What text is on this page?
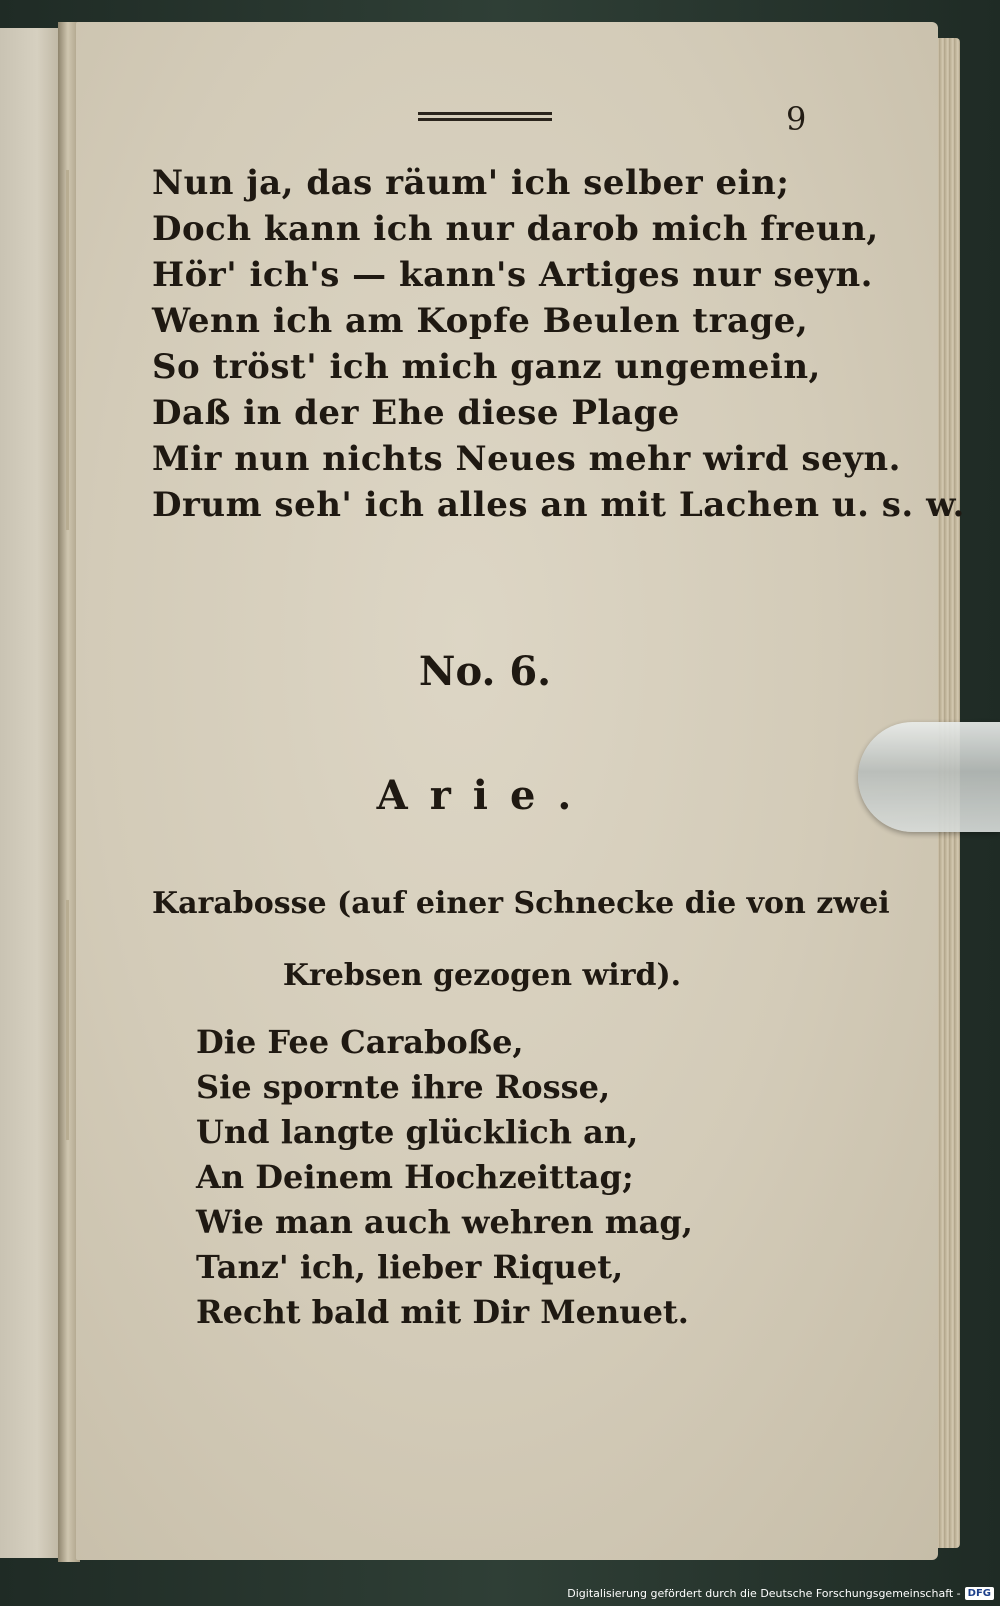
9
Nun ja, das räum' ich selber ein;
Doch kann ich nur darob mich freun,
Hör' ich's — kann's Artiges nur seyn.
Wenn ich am Kopfe Beulen trage,
So tröst' ich mich ganz ungemein,
Daß in der Ehe diese Plage
Mir nun nichts Neues mehr wird seyn.
Drum seh' ich alles an mit Lachen u. s. w.
No. 6.
Arie.
Karabosse (auf einer Schnecke die von zwei
Krebsen gezogen wird).
Die Fee Caraboße,
Sie spornte ihre Rosse,
Und langte glücklich an,
An Deinem Hochzeittag;
Wie man auch wehren mag,
Tanz' ich, lieber Riquet,
Recht bald mit Dir Menuet.
Digitalisierung gefördert durch die Deutsche Forschungsgemeinschaft - DFG
